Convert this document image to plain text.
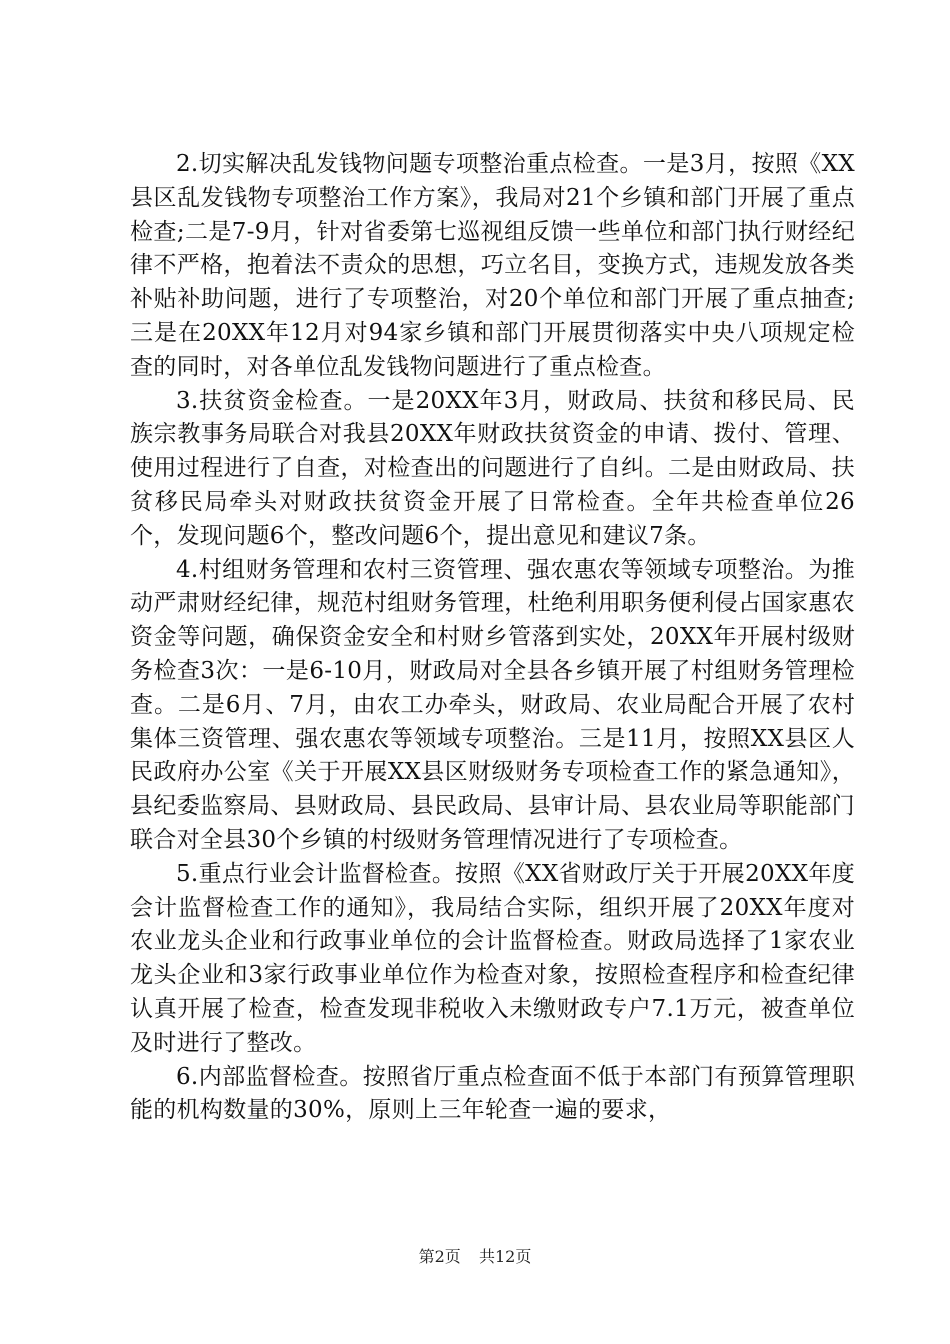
2.切实解决乱发钱物问题专项整治重点检查。一是3月，按照《XX县区乱发钱物专项整治工作方案》，我局对21个乡镇和部门开展了重点检查;二是7-9月，针对省委第七巡视组反馈一些单位和部门执行财经纪律不严格，抱着法不责众的思想，巧立名目，变换方式，违规发放各类补贴补助问题，进行了专项整治，对20个单位和部门开展了重点抽查;三是在20XX年12月对94家乡镇和部门开展贯彻落实中央八项规定检查的同时，对各单位乱发钱物问题进行了重点检查。

3.扶贫资金检查。一是20XX年3月，财政局、扶贫和移民局、民族宗教事务局联合对我县20XX年财政扶贫资金的申请、拨付、管理、使用过程进行了自查，对检查出的问题进行了自纠。二是由财政局、扶贫移民局牵头对财政扶贫资金开展了日常检查。全年共检查单位26个，发现问题6个，整改问题6个，提出意见和建议7条。

4.村组财务管理和农村三资管理、强农惠农等领域专项整治。为推动严肃财经纪律，规范村组财务管理，杜绝利用职务便利侵占国家惠农资金等问题，确保资金安全和村财乡管落到实处，20XX年开展村级财务检查3次：一是6-10月，财政局对全县各乡镇开展了村组财务管理检查。二是6月、7月，由农工办牵头，财政局、农业局配合开展了农村集体三资管理、强农惠农等领域专项整治。三是11月，按照XX县区人民政府办公室《关于开展XX县区财级财务专项检查工作的紧急通知》，县纪委监察局、县财政局、县民政局、县审计局、县农业局等职能部门联合对全县30个乡镇的村级财务管理情况进行了专项检查。

5.重点行业会计监督检查。按照《XX省财政厅关于开展20XX年度会计监督检查工作的通知》，我局结合实际，组织开展了20XX年度对农业龙头企业和行政事业单位的会计监督检查。财政局选择了1家农业龙头企业和3家行政事业单位作为检查对象，按照检查程序和检查纪律认真开展了检查，检查发现非税收入未缴财政专户7.1万元，被查单位及时进行了整改。

6.内部监督检查。按照省厅重点检查面不低于本部门有预算管理职能的机构数量的30%，原则上三年轮查一遍的要求，

第2页 共12页
